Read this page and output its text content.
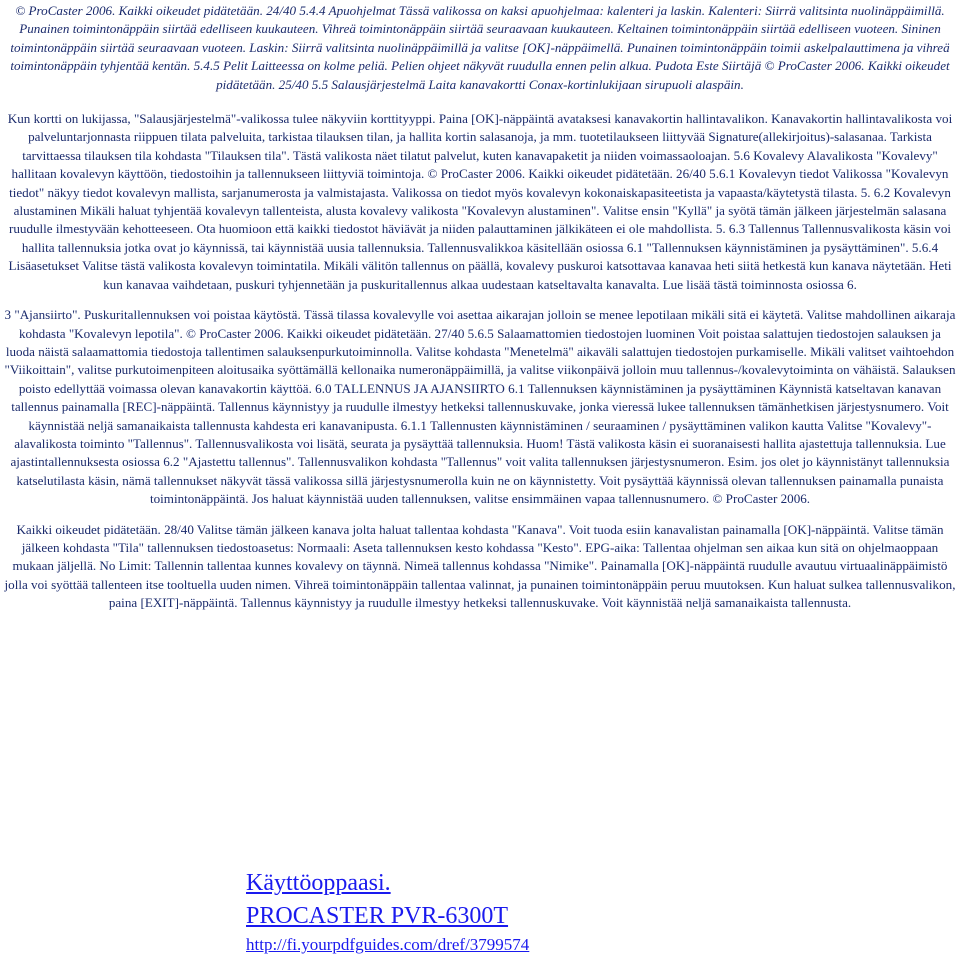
© ProCaster 2006. Kaikki oikeudet pidätetään. 24/40 5.4.4 Apuohjelmat Tässä valikossa on kaksi apuohjelmaa: kalenteri ja laskin. Kalenteri: Siirrä valitsinta nuolinäppäimillä. Punainen toimintonäppäin siirtää edelliseen kuukauteen. Vihreä toimintonäppäin siirtää seuraavaan kuukauteen. Keltainen toimintonäppäin siirtää edelliseen vuoteen. Sininen toimintonäppäin siirtää seuraavaan vuoteen. Laskin: Siirrä valitsinta nuolinäppäimillä ja valitse [OK]-näppäimellä. Punainen toimintonäppäin toimii askelpalauttimena ja vihreä toimintonäppäin tyhjentää kentän. 5.4.5 Pelit Laitteessa on kolme peliä. Pelien ohjeet näkyvät ruudulla ennen pelin alkua. Pudota Este Siirtäjä © ProCaster 2006. Kaikki oikeudet pidätetään. 25/40 5.5 Salausjärjestelmä Laita kanavakortti Conax-kortinlukijaan sirupuoli alaspäin.

Kun kortti on lukijassa, "Salausjärjestelmä"-valikossa tulee näkyviin korttityyppi. Paina [OK]-näppäintä avataksesi kanavakortin hallintavalikon. Kanavakortin hallintavalikosta voi palveluntarjonnasta riippuen tilata palveluita, tarkistaa tilauksen tilan, ja hallita kortin salasanoja, ja mm. tuotetilaukseen liittyvää Signature(allekirjoitus)-salasanaa. Tarkista tarvittaessa tilauksen tila kohdasta "Tilauksen tila". Tästä valikosta näet tilatut palvelut, kuten kanavapaketit ja niiden voimassaoloajan. 5.6 Kovalevy Alavalikosta "Kovalevy" hallitaan kovalevyn käyttöön, tiedostoihin ja tallennukseen liittyviä toimintoja. © ProCaster 2006. Kaikki oikeudet pidätetään. 26/40 5.6.1 Kovalevyn tiedot Valikossa "Kovalevyn tiedot" näkyy tiedot kovalevyn mallista, sarjanumerosta ja valmistajasta. Valikossa on tiedot myös kovalevyn kokonaiskapasiteetista ja vapaasta/käytetystä tilasta. 5. 6.2 Kovalevyn alustaminen Mikäli haluat tyhjentää kovalevyn tallenteista, alusta kovalevy valikosta "Kovalevyn alustaminen". Valitse ensin "Kyllä" ja syötä tämän jälkeen järjestelmän salasana ruudulle ilmestyvään kehotteeseen. Ota huomioon että kaikki tiedostot häviävät ja niiden palauttaminen jälkikäteen ei ole mahdollista. 5. 6.3 Tallennus Tallennusvalikosta käsin voi hallita tallennuksia jotka ovat jo käynnissä, tai käynnistää uusia tallennuksia. Tallennusvalikkoa käsitellään osiossa 6.1 "Tallennuksen käynnistäminen ja pysäyttäminen". 5.6.4 Lisäasetukset Valitse tästä valikosta kovalevyn toimintatila. Mikäli välitön tallennus on päällä, kovalevy puskuroi katsottavaa kanavaa heti siitä hetkestä kun kanava näytetään. Heti kun kanavaa vaihdetaan, puskuri tyhjennetään ja puskuritallennus alkaa uudestaan katseltavalta kanavalta. Lue lisää tästä toiminnosta osiossa 6.

3 "Ajansiirto". Puskuritallennuksen voi poistaa käytöstä. Tässä tilassa kovalevylle voi asettaa aikarajan jolloin se menee lepotilaan mikäli sitä ei käytetä. Valitse mahdollinen aikaraja kohdasta "Kovalevyn lepotila". © ProCaster 2006. Kaikki oikeudet pidätetään. 27/40 5.6.5 Salaamattomien tiedostojen luominen Voit poistaa salattujen tiedostojen salauksen ja luoda näistä salaamattomia tiedostoja tallentimen salauksenpurkutoiminnolla. Valitse kohdasta "Menetelmä" aikaväli salattujen tiedostojen purkamiselle. Mikäli valitset vaihtoehdon "Viikoittain", valitse purkutoimenpiteen aloitusaika syöttämällä kellonaika numeronäppäimillä, ja valitse viikonpäivä jolloin muu tallennus-/kovalevytoiminta on vähäistä. Salauksen poisto edellyttää voimassa olevan kanavakortin käyttöä. 6.0 TALLENNUS JA AJANSIIRTO 6.1 Tallennuksen käynnistäminen ja pysäyttäminen Käynnistä katseltavan kanavan tallennus painamalla [REC]-näppäintä. Tallennus käynnistyy ja ruudulle ilmestyy hetkeksi tallennuskuvake, jonka vieressä lukee tallennuksen tämänhetkisen järjestysnumero. Voit käynnistää neljä samanaikaista tallennusta kahdesta eri kanavanipusta. 6.1.1 Tallennusten käynnistäminen / seuraaminen / pysäyttäminen valikon kautta Valitse "Kovalevy"-alavalikosta toiminto "Tallennus". Tallennusvalikosta voi lisätä, seurata ja pysäyttää tallennuksia. Huom! Tästä valikosta käsin ei suoranaisesti hallita ajastettuja tallennuksia. Lue ajastintallennuksesta osiossa 6.2 "Ajastettu tallennus". Tallennusvalikon kohdasta "Tallennus" voit valita tallennuksen järjestysnumeron. Esim. jos olet jo käynnistänyt tallennuksia katselutilasta käsin, nämä tallennukset näkyvät tässä valikossa sillä järjestysnumerolla kuin ne on käynnistetty. Voit pysäyttää käynnissä olevan tallennuksen painamalla punaista toimintonäppäintä. Jos haluat käynnistää uuden tallennuksen, valitse ensimmäinen vapaa tallennusnumero. © ProCaster 2006.

Kaikki oikeudet pidätetään. 28/40 Valitse tämän jälkeen kanava jolta haluat tallentaa kohdasta "Kanava". Voit tuoda esiin kanavalistan painamalla [OK]-näppäintä. Valitse tämän jälkeen kohdasta "Tila" tallennuksen tiedostoasetus: Normaali: Aseta tallennuksen kesto kohdassa "Kesto". EPG-aika: Tallentaa ohjelman sen aikaa kun sitä on ohjelmaoppaan mukaan jäljellä. No Limit: Tallennin tallentaa kunnes kovalevy on täynnä. Nimeä tallennus kohdassa "Nimike". Painamalla [OK]-näppäintä ruudulle avautuu virtuaalinäppäimistö jolla voi syöttää tallenteen itse tooltuella uuden nimen. Vihreä toimintonäppäin tallentaa valinnat, ja punainen toimintonäppäin peruu muutoksen. Kun haluat sulkea tallennusvalikon, paina [EXIT]-näppäintä. Tallennus käynnistyy ja ruudulle ilmestyy hetkeksi tallennuskuvake. Voit käynnistää neljä samanaikaista tallennusta.

Käyttöoppaasi.
PROCASTER PVR-6300T
http://fi.yourpdfguides.com/dref/3799574
